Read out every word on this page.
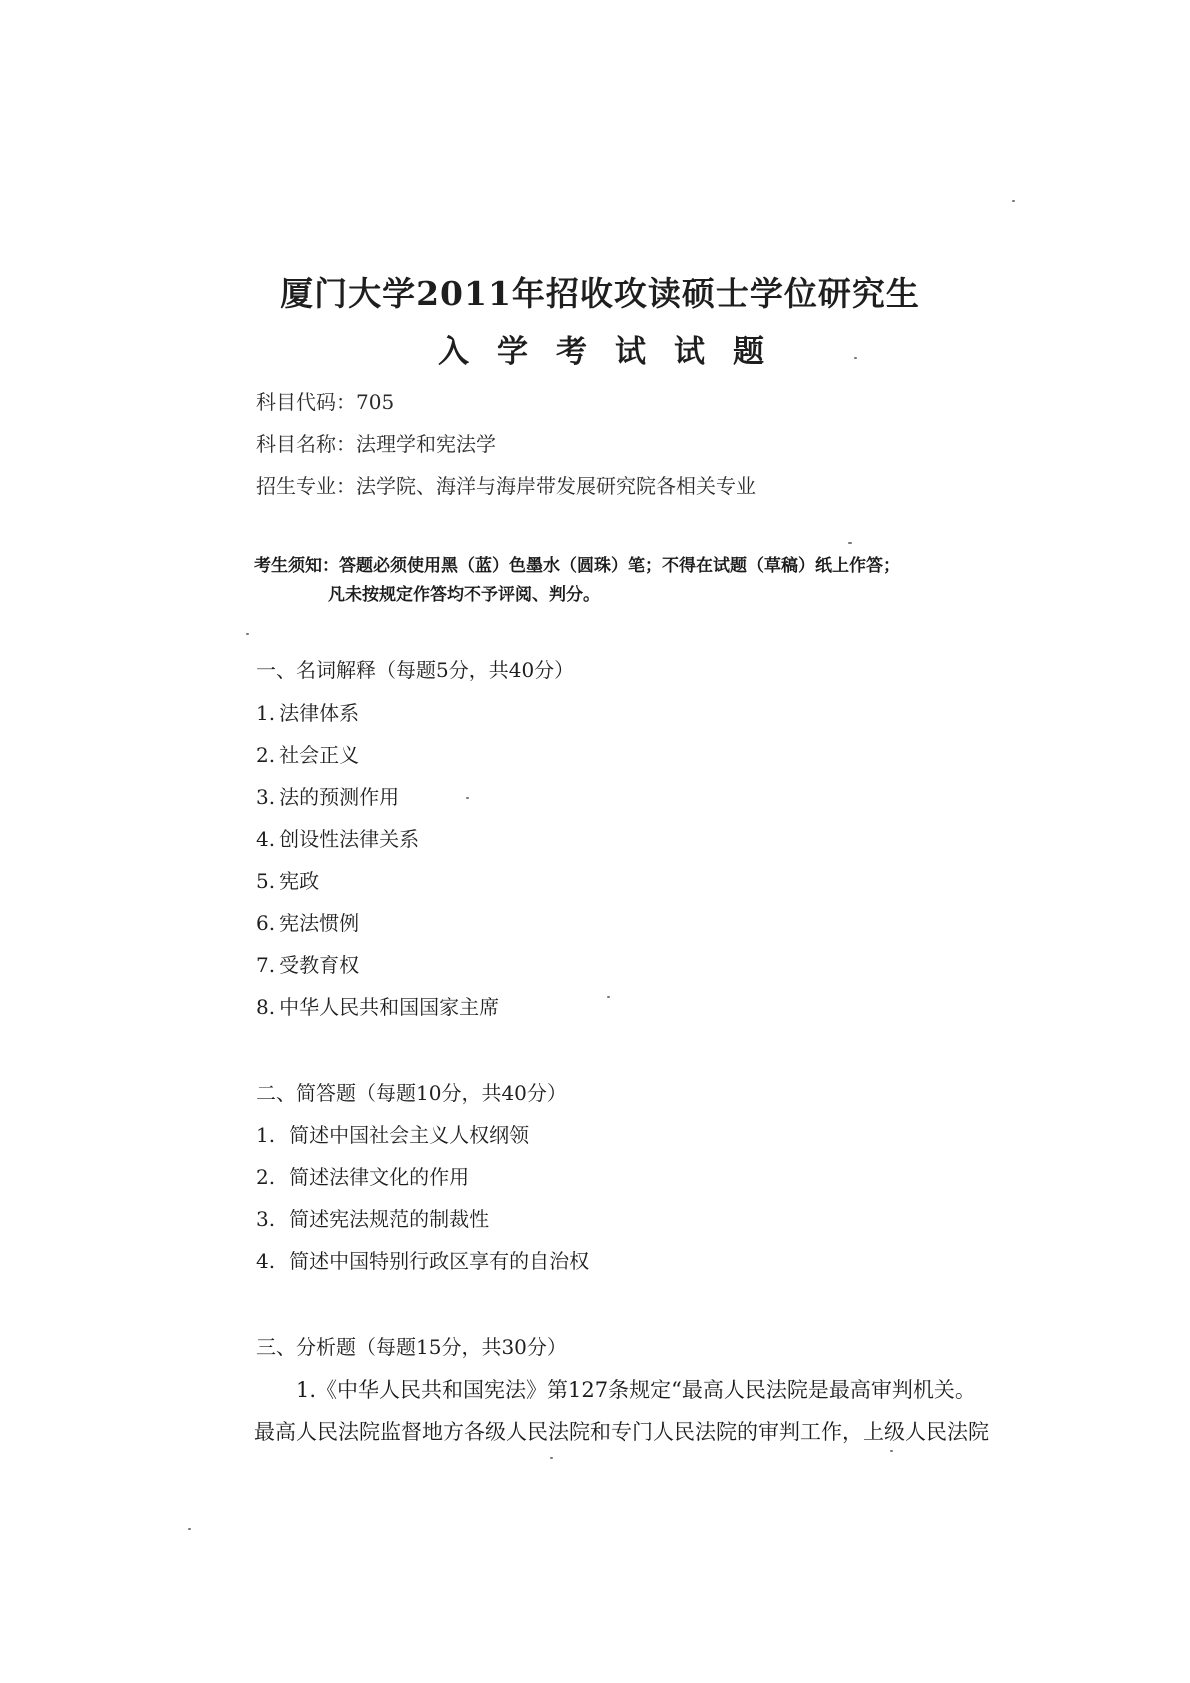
厦门大学2011年招收攻读硕士学位研究生
入学考试试题
科目代码：705
科目名称：法理学和宪法学
招生专业：法学院、海洋与海岸带发展研究院各相关专业
考生须知：答题必须使用黑（蓝）色墨水（圆珠）笔；不得在试题（草稿）纸上作答；
凡未按规定作答均不予评阅、判分。
一、名词解释（每题5分，共40分）
1. 法律体系
2. 社会正义
3. 法的预测作用
4. 创设性法律关系
5. 宪政
6. 宪法惯例
7. 受教育权
8. 中华人民共和国国家主席
二、简答题（每题10分，共40分）
1. 简述中国社会主义人权纲领
2. 简述法律文化的作用
3. 简述宪法规范的制裁性
4. 简述中国特别行政区享有的自治权
三、分析题（每题15分，共30分）
1.《中华人民共和国宪法》第127条规定“最高人民法院是最高审判机关。
最高人民法院监督地方各级人民法院和专门人民法院的审判工作，上级人民法院
